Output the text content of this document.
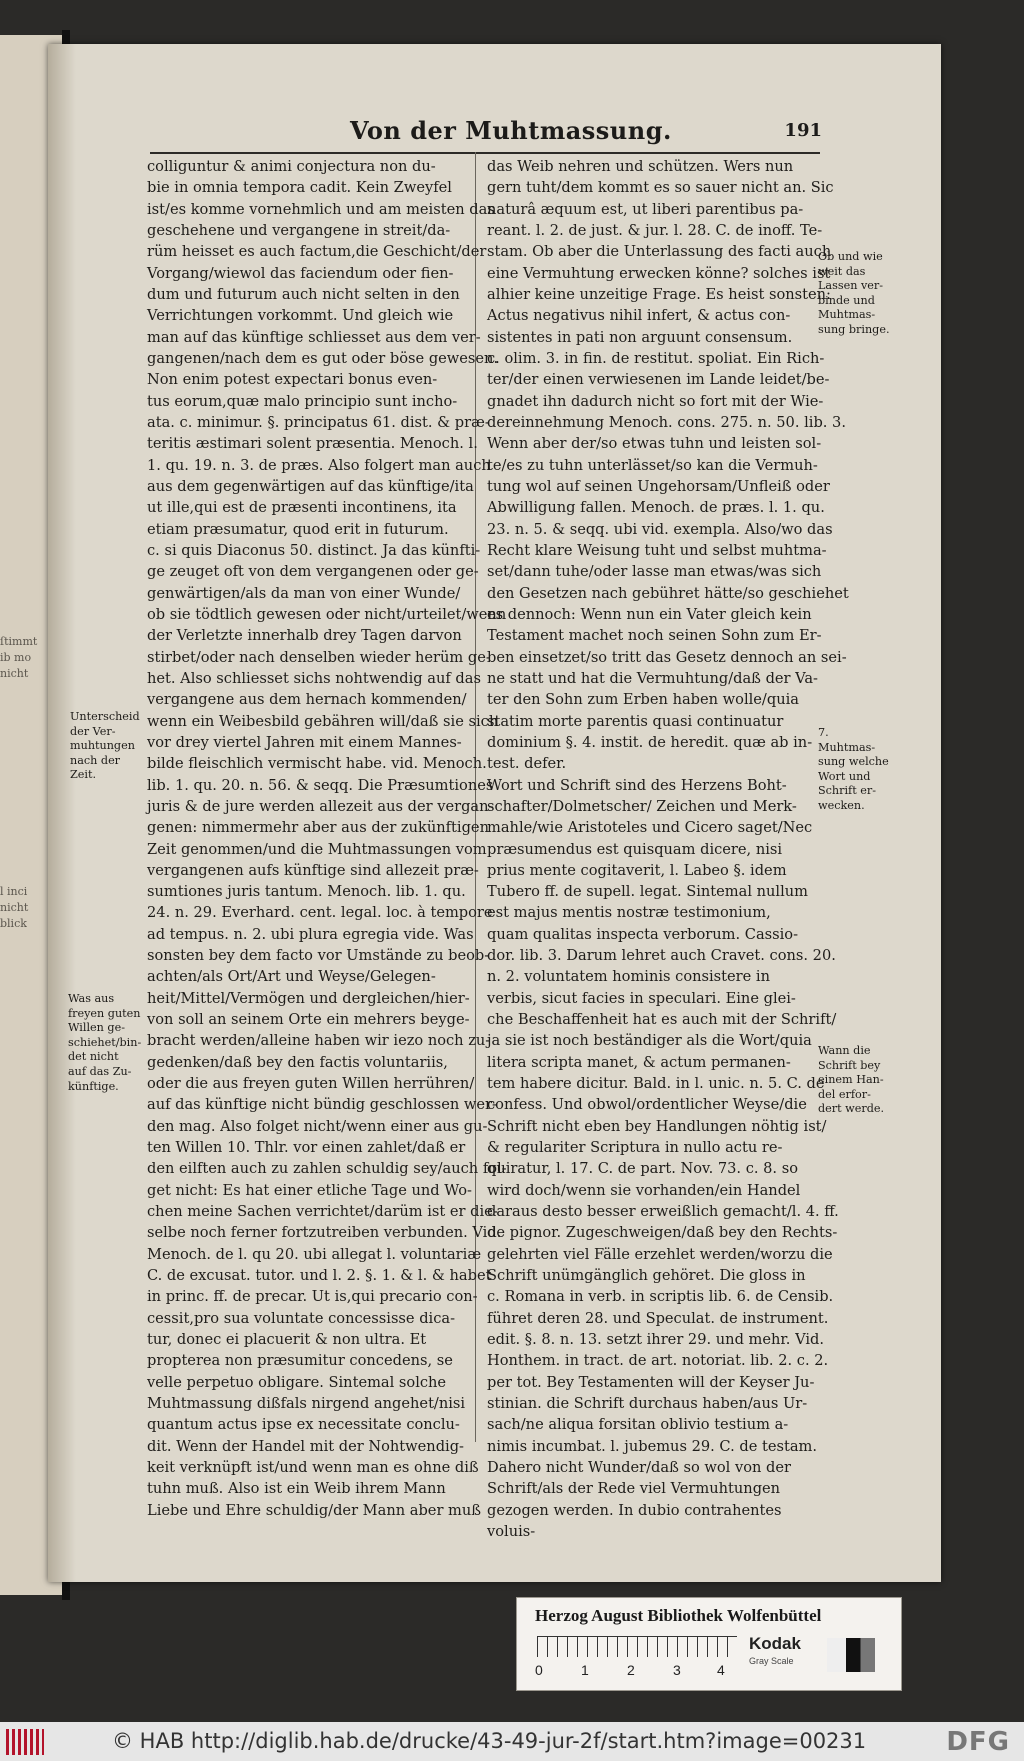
ſtimmt
ib mo
nicht
l inci
nicht
blick
Von der Muhtmassung.	191
colliguntur & animi conjectura non du-
bie in omnia tempora cadit. Kein Zweyfel
ist/es komme vornehmlich und am meisten das
geschehene und vergangene in streit/da-
rüm heisset es auch factum,die Geschicht/der
Vorgang/wiewol das faciendum oder fien-
dum und futurum auch nicht selten in den
Verrichtungen vorkommt. Und gleich wie
man auf das künftige schliesset aus dem ver-
gangenen/nach dem es gut oder böse gewesen.
Non enim potest expectari bonus even-
tus eorum,quæ malo principio sunt incho-
ata. c. minimur. §. principatus 61. dist. & præ-
teritis æstimari solent præsentia. Menoch. l.
1. qu. 19. n. 3. de præs. Also folgert man auch
aus dem gegenwärtigen auf das künftige/ita
ut ille,qui est de præsenti incontinens, ita
etiam præsumatur, quod erit in futurum.
c. si quis Diaconus 50. distinct. Ja das künfti-
ge zeuget oft von dem vergangenen oder ge-
genwärtigen/als da man von einer Wunde/
ob sie tödtlich gewesen oder nicht/urteilet/wenn
der Verletzte innerhalb drey Tagen darvon
stirbet/oder nach denselben wieder herüm ge-
het. Also schliesset sichs nohtwendig auf das
vergangene aus dem hernach kommenden/
wenn ein Weibesbild gebähren will/daß sie sich
vor drey viertel Jahren mit einem Mannes-
bilde fleischlich vermischt habe. vid. Menoch.
lib. 1. qu. 20. n. 56. & seqq. Die Præsumtiones
juris & de jure werden allezeit aus der vergan-
genen: nimmermehr aber aus der zukünftigen
Zeit genommen/und die Muhtmassungen vom
vergangenen aufs künftige sind allezeit præ-
sumtiones juris tantum. Menoch. lib. 1. qu.
24. n. 29. Everhard. cent. legal. loc. à tempore
ad tempus. n. 2. ubi plura egregia vide. Was
sonsten bey dem facto vor Umstände zu beob-
achten/als Ort/Art und Weyse/Gelegen-
heit/Mittel/Vermögen und dergleichen/hier-
von soll an seinem Orte ein mehrers beyge-
bracht werden/alleine haben wir iezo noch zu-
gedenken/daß bey den factis voluntariis,
oder die aus freyen guten Willen herrühren/
auf das künftige nicht bündig geschlossen wer-
den mag. Also folget nicht/wenn einer aus gu-
ten Willen 10. Thlr. vor einen zahlet/daß er
den eilften auch zu zahlen schuldig sey/auch fol-
get nicht: Es hat einer etliche Tage und Wo-
chen meine Sachen verrichtet/darüm ist er die-
selbe noch ferner fortzutreiben verbunden. Vid.
Menoch. de l. qu 20. ubi allegat l. voluntariæ
C. de excusat. tutor. und l. 2. §. 1. & l. & habet
in princ. ff. de precar. Ut is,qui precario con-
cessit,pro sua voluntate concessisse dica-
tur, donec ei placuerit & non ultra. Et
propterea non præsumitur concedens, se
velle perpetuo obligare. Sintemal solche
Muhtmassung dißfals nirgend angehet/nisi
quantum actus ipse ex necessitate conclu-
dit. Wenn der Handel mit der Nohtwendig-
keit verknüpft ist/und wenn man es ohne diß
tuhn muß. Also ist ein Weib ihrem Mann
Liebe und Ehre schuldig/der Mann aber muß
das Weib nehren und schützen. Wers nun
gern tuht/dem kommt es so sauer nicht an. Sic
naturâ æquum est, ut liberi parentibus pa-
reant. l. 2. de just. & jur. l. 28. C. de inoff. Te-
stam. Ob aber die Unterlassung des facti auch
eine Vermuhtung erwecken könne? solches ist
alhier keine unzeitige Frage. Es heist sonsten:
Actus negativus nihil infert, & actus con-
sistentes in pati non arguunt consensum.
c. olim. 3. in fin. de restitut. spoliat. Ein Rich-
ter/der einen verwiesenen im Lande leidet/be-
gnadet ihn dadurch nicht so fort mit der Wie-
dereinnehmung Menoch. cons. 275. n. 50. lib. 3.
Wenn aber der/so etwas tuhn und leisten sol-
te/es zu tuhn unterlässet/so kan die Vermuh-
tung wol auf seinen Ungehorsam/Unfleiß oder
Abwilligung fallen. Menoch. de præs. l. 1. qu.
23. n. 5. & seqq. ubi vid. exempla. Also/wo das
Recht klare Weisung tuht und selbst muhtma-
set/dann tuhe/oder lasse man etwas/was sich
den Gesetzen nach gebühret hätte/so geschiehet
es dennoch: Wenn nun ein Vater gleich kein
Testament machet noch seinen Sohn zum Er-
ben einsetzet/so tritt das Gesetz dennoch an sei-
ne statt und hat die Vermuhtung/daß der Va-
ter den Sohn zum Erben haben wolle/quia
statim morte parentis quasi continuatur
dominium §. 4. instit. de heredit. quæ ab in-
test. defer.
Wort und Schrift sind des Herzens Boht-
schafter/Dolmetscher/ Zeichen und Merk-
mahle/wie Aristoteles und Cicero saget/Nec
præsumendus est quisquam dicere, nisi
prius mente cogitaverit, l. Labeo §. idem
Tubero ff. de supell. legat. Sintemal nullum
est majus mentis nostræ testimonium,
quam qualitas inspecta verborum. Cassio-
dor. lib. 3. Darum lehret auch Cravet. cons. 20.
n. 2. voluntatem hominis consistere in
verbis, sicut facies in speculari. Eine glei-
che Beschaffenheit hat es auch mit der Schrift/
ja sie ist noch beständiger als die Wort/quia
litera scripta manet, & actum permanen-
tem habere dicitur. Bald. in l. unic. n. 5. C. de
confess. Und obwol/ordentlicher Weyse/die
Schrift nicht eben bey Handlungen nöhtig ist/
& regulariter Scriptura in nullo actu re-
quiratur, l. 17. C. de part. Nov. 73. c. 8. so
wird doch/wenn sie vorhanden/ein Handel
daraus desto besser erweißlich gemacht/l. 4. ff.
de pignor. Zugeschweigen/daß bey den Rechts-
gelehrten viel Fälle erzehlet werden/worzu die
Schrift unümgänglich gehöret. Die gloss in
c. Romana in verb. in scriptis lib. 6. de Censib.
führet deren 28. und Speculat. de instrument.
edit. §. 8. n. 13. setzt ihrer 29. und mehr. Vid.
Honthem. in tract. de art. notoriat. lib. 2. c. 2.
per tot. Bey Testamenten will der Keyser Ju-
stinian. die Schrift durchaus haben/aus Ur-
sach/ne aliqua forsitan oblivio testium a-
nimis incumbat. l. jubemus 29. C. de testam.
Dahero nicht Wunder/daß so wol von der
Schrift/als der Rede viel Vermuhtungen
gezogen werden. In dubio contrahentes
voluis-
Unterscheid
der Ver-
muhtungen
nach der
Zeit.
Was aus
freyen guten
Willen ge-
schiehet/bin-
det nicht
auf das Zu-
künftige.
Ob und wie
weit das
Lassen ver-
binde und
Muhtmas-
sung bringe.
7.
Muhtmas-
sung welche
Wort und
Schrift er-
wecken.
Wann die
Schrift bey
einem Han-
del erfor-
dert werde.
Herzog August Bibliothek Wolfenbüttel
0	1	2	3	4
Kodak
Gray Scale
© HAB http://diglib.hab.de/drucke/43-49-jur-2f/start.htm?image=00231	DFG
